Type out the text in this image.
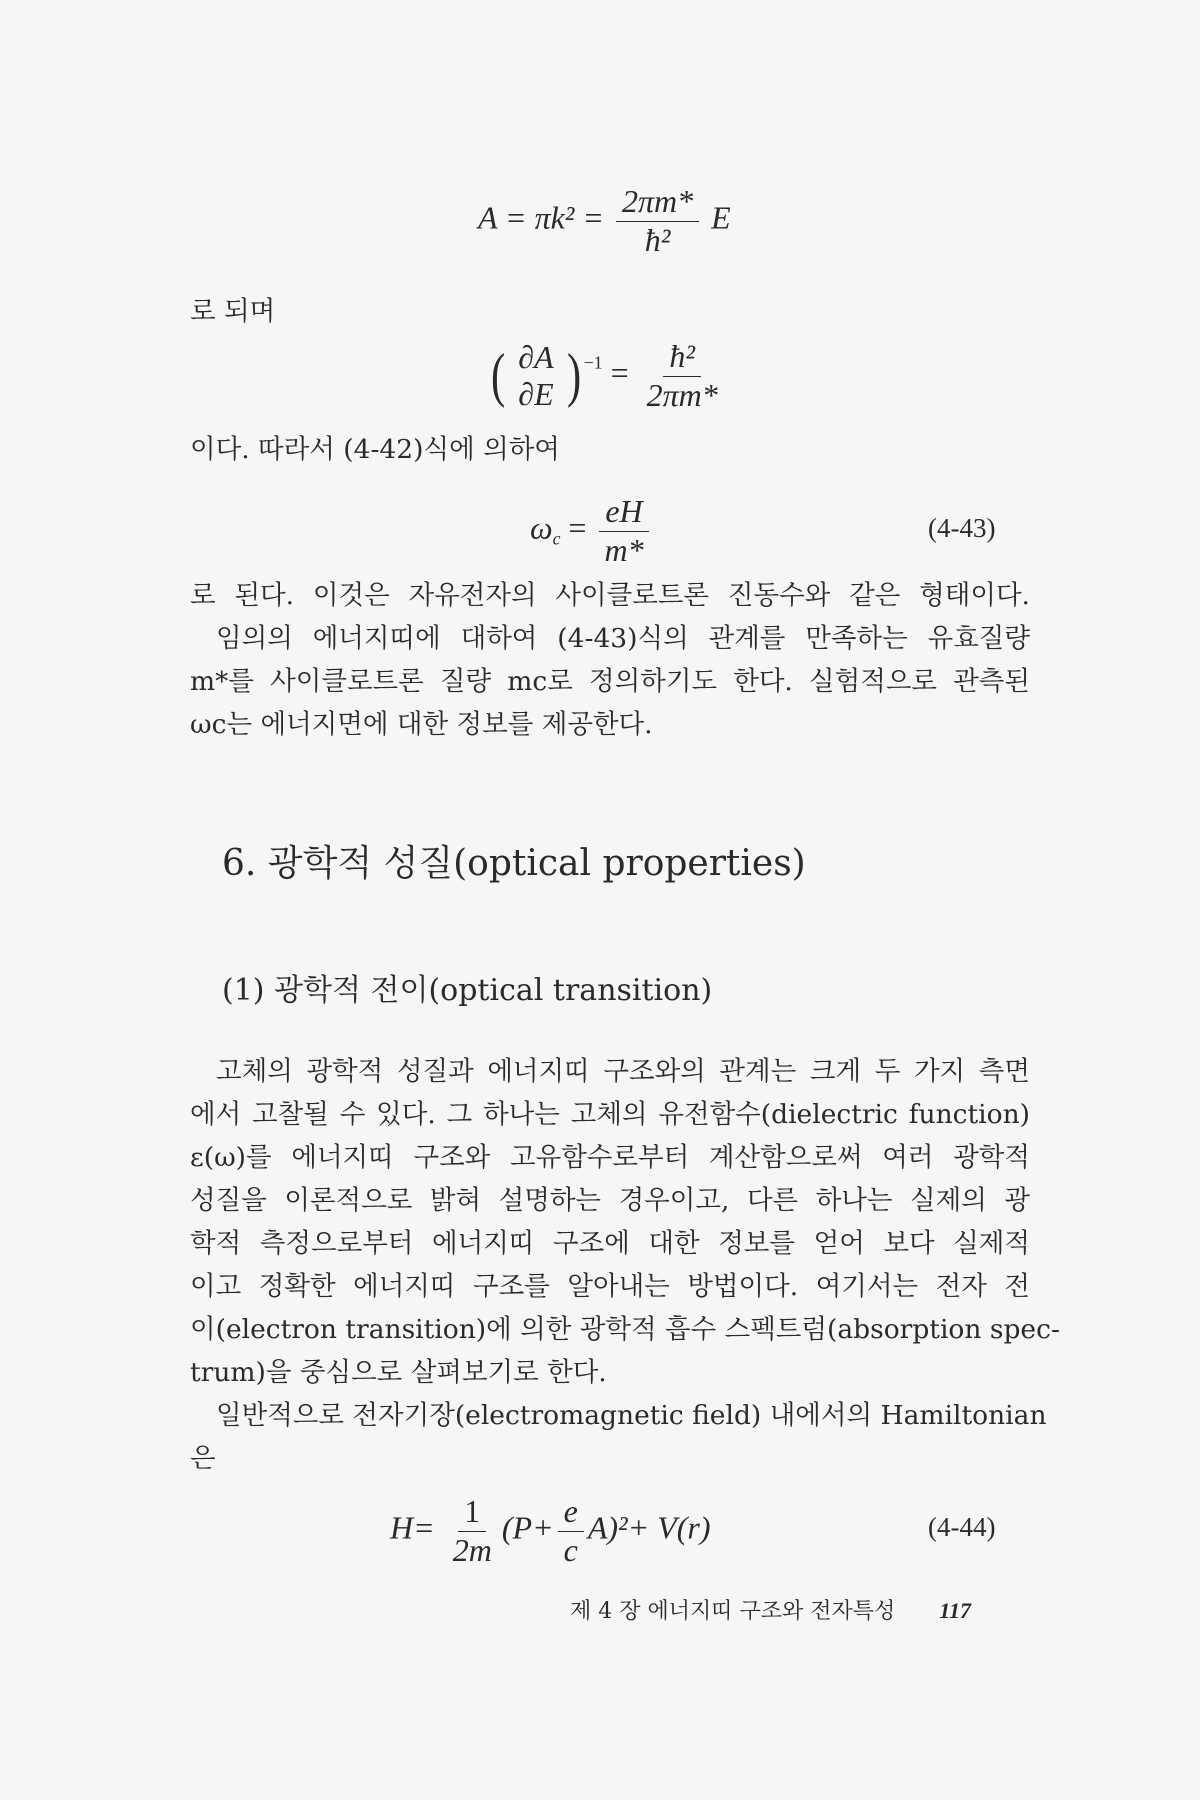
$A = \pi k^2 = \frac{2\pi m*}{\text{ħ²}}$ E
로 되며
( ∂A
∂E ) $^{-1} = \frac{\text{ħ²}}{2\pi m*}$
이다. 따라서 (4-42)식에 의하여
$\omega_c = \frac{eH}{m*}$	(4-43)
로 된다. 이것은 자유전자의 사이클로트론 진동수와 같은 형태이다.
임의의 에너지띠에 대하여 (4-43)식의 관계를 만족하는 유효질량
m*를 사이클로트론 질량 mc로 정의하기도 한다. 실험적으로 관측된
ωc는 에너지면에 대한 정보를 제공한다.
6. 광학적 성질(optical properties)
(1) 광학적 전이(optical transition)
고체의 광학적 성질과 에너지띠 구조와의 관계는 크게 두 가지 측면
에서 고찰될 수 있다. 그 하나는 고체의 유전함수(dielectric function)
ε(ω)를 에너지띠 구조와 고유함수로부터 계산함으로써 여러 광학적
성질을 이론적으로 밝혀 설명하는 경우이고, 다른 하나는 실제의 광
학적 측정으로부터 에너지띠 구조에 대한 정보를 얻어 보다 실제적
이고 정확한 에너지띠 구조를 알아내는 방법이다. 여기서는 전자 전
이(electron transition)에 의한 광학적 흡수 스펙트럼(absorption spec-
trum)을 중심으로 살펴보기로 한다.
일반적으로 전자기장(electromagnetic field) 내에서의 Hamiltonian
은
$H= \frac{1}{2m} (P+ \frac{e}{c} A)^2+ V(r)$	(4-44)
제 4 장 에너지띠 구조와 전자특성 117
